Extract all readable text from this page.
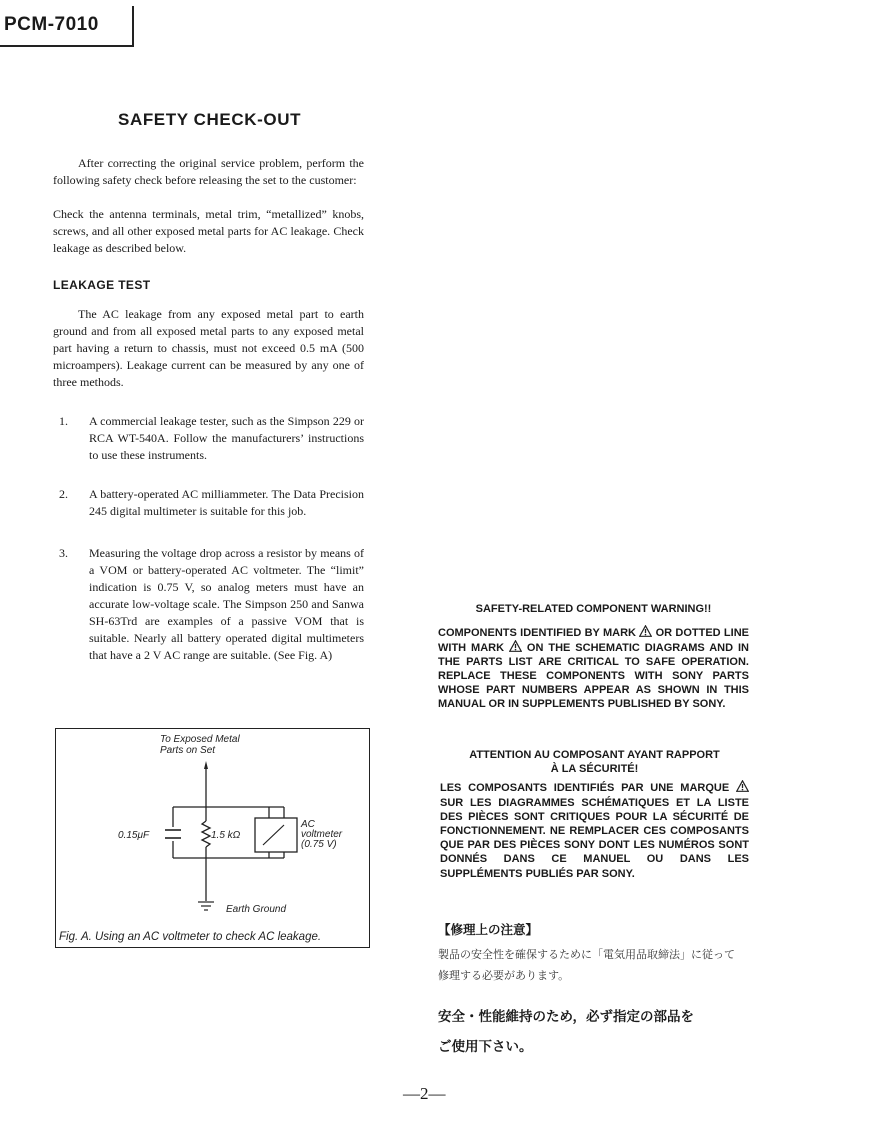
PCM-7010
SAFETY CHECK-OUT
After correcting the original service problem, perform the following safety check before releasing the set to the customer:
Check the antenna terminals, metal trim, “metallized” knobs, screws, and all other exposed metal parts for AC leakage. Check leakage as described below.
LEAKAGE TEST
The AC leakage from any exposed metal part to earth ground and from all exposed metal parts to any exposed metal part having a return to chassis, must not exceed 0.5 mA (500 microampers). Leakage current can be measured by any one of three methods.
1. A commercial leakage tester, such as the Simpson 229 or RCA WT-540A. Follow the manufacturers’ instructions to use these instruments.
2. A battery-operated AC milliammeter. The Data Precision 245 digital multimeter is suitable for this job.
3. Measuring the voltage drop across a resistor by means of a VOM or battery-operated AC voltmeter. The “limit” indication is 0.75 V, so analog meters must have an accurate low-voltage scale. The Simpson 250 and Sanwa SH-63Trd are examples of a passive VOM that is suitable. Nearly all battery operated digital multimeters that have a 2 V AC range are suitable. (See Fig. A)
To Exposed Metal
Parts on Set
0.15μF	1.5 kΩ
AC
voltmeter
(0.75 V)
Earth Ground
Fig. A. Using an AC voltmeter to check AC leakage.
SAFETY-RELATED COMPONENT WARNING!!
COMPONENTS IDENTIFIED BY MARK OR DOTTED LINE WITH MARK ON THE SCHEMATIC DIAGRAMS AND IN THE PARTS LIST ARE CRITICAL TO SAFE OPERATION. REPLACE THESE COMPONENTS WITH SONY PARTS WHOSE PART NUMBERS APPEAR AS SHOWN IN THIS MANUAL OR IN SUPPLEMENTS PUBLISHED BY SONY.
ATTENTION AU COMPOSANT AYANT RAPPORT
À LA SÉCURITÉ!
LES COMPOSANTS IDENTIFIÉS PAR UNE MARQUE  SUR LES DIAGRAMMES SCHÉMATIQUES ET LA LISTE DES PIÈCES SONT CRITIQUES POUR LA SÉCURITÉ DE FONCTIONNEMENT. NE REMPLACER CES COMPOSANTS QUE PAR DES PIÈCES SONY DONT LES NUMÉROS SONT DONNÉS DANS CE MANUEL OU DANS LES SUPPLÉMENTS PUBLIÉS PAR SONY.
【修理上の注意】
製品の安全性を確保するために「電気用品取締法」に従って
修理する必要があります。
安全・性能維持のため，必ず指定の部品を
ご使用下さい。
—2—
